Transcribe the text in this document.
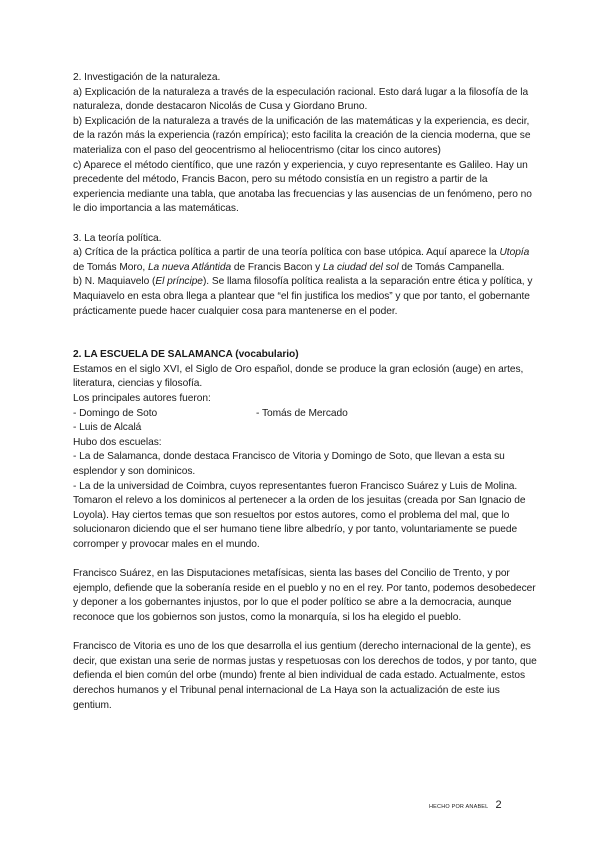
2. Investigación de la naturaleza.

a) Explicación de la naturaleza a través de la especulación racional. Esto dará lugar a la filosofía de la naturaleza, donde destacaron Nicolás de Cusa y Giordano Bruno.

b) Explicación de la naturaleza a través de la unificación de las matemáticas y la experiencia, es decir, de la razón más la experiencia (razón empírica); esto facilita la creación de la ciencia moderna, que se materializa con el paso del geocentrismo al heliocentrismo (citar los cinco autores)

c) Aparece el método científico, que une razón y experiencia, y cuyo representante es Galileo. Hay un precedente del método, Francis Bacon, pero su método consistía en un registro a partir de la experiencia mediante una tabla, que anotaba las frecuencias y las ausencias de un fenómeno, pero no le dio importancia a las matemáticas.

3. La teoría política.

a) Crítica de la práctica política a partir de una teoría política con base utópica. Aquí aparece la Utopía de Tomás Moro, La nueva Atlántida de Francis Bacon y La ciudad del sol de Tomás Campanella.

b) N. Maquiavelo (El príncipe). Se llama filosofía política realista a la separación entre ética y política, y Maquiavelo en esta obra llega a plantear que “el fin justifica los medios” y que por tanto, el gobernante prácticamente puede hacer cualquier cosa para mantenerse en el poder.

2. LA ESCUELA DE SALAMANCA (vocabulario)

Estamos en el siglo XVI, el Siglo de Oro español, donde se produce la gran eclosión (auge) en artes, literatura, ciencias y filosofía.

Los principales autores fueron:

- Domingo de Soto	- Tomás de Mercado

- Luis de Alcalá

Hubo dos escuelas:

- La de Salamanca, donde destaca Francisco de Vitoria y Domingo de Soto, que llevan a esta su esplendor y son dominicos.

- La de la universidad de Coimbra, cuyos representantes fueron Francisco Suárez y Luis de Molina. Tomaron el relevo a los dominicos al pertenecer a la orden de los jesuitas (creada por San Ignacio de Loyola). Hay ciertos temas que son resueltos por estos autores, como el problema del mal, que lo solucionaron diciendo que el ser humano tiene libre albedrío, y por tanto, voluntariamente se puede corromper y provocar males en el mundo.

Francisco Suárez, en las Disputaciones metafísicas, sienta las bases del Concilio de Trento, y por ejemplo, defiende que la soberanía reside en el pueblo y no en el rey. Por tanto, podemos desobedecer y deponer a los gobernantes injustos, por lo que el poder político se abre a la democracia, aunque reconoce que los gobiernos son justos, como la monarquía, si los ha elegido el pueblo.

Francisco de Vitoria es uno de los que desarrolla el ius gentium (derecho internacional de la gente), es decir, que existan una serie de normas justas y respetuosas con los derechos de todos, y por tanto, que defienda el bien común del orbe (mundo) frente al bien individual de cada estado. Actualmente, estos derechos humanos y el Tribunal penal internacional de La Haya son la actualización de este ius gentium.

HECHO POR ANABEL 2
